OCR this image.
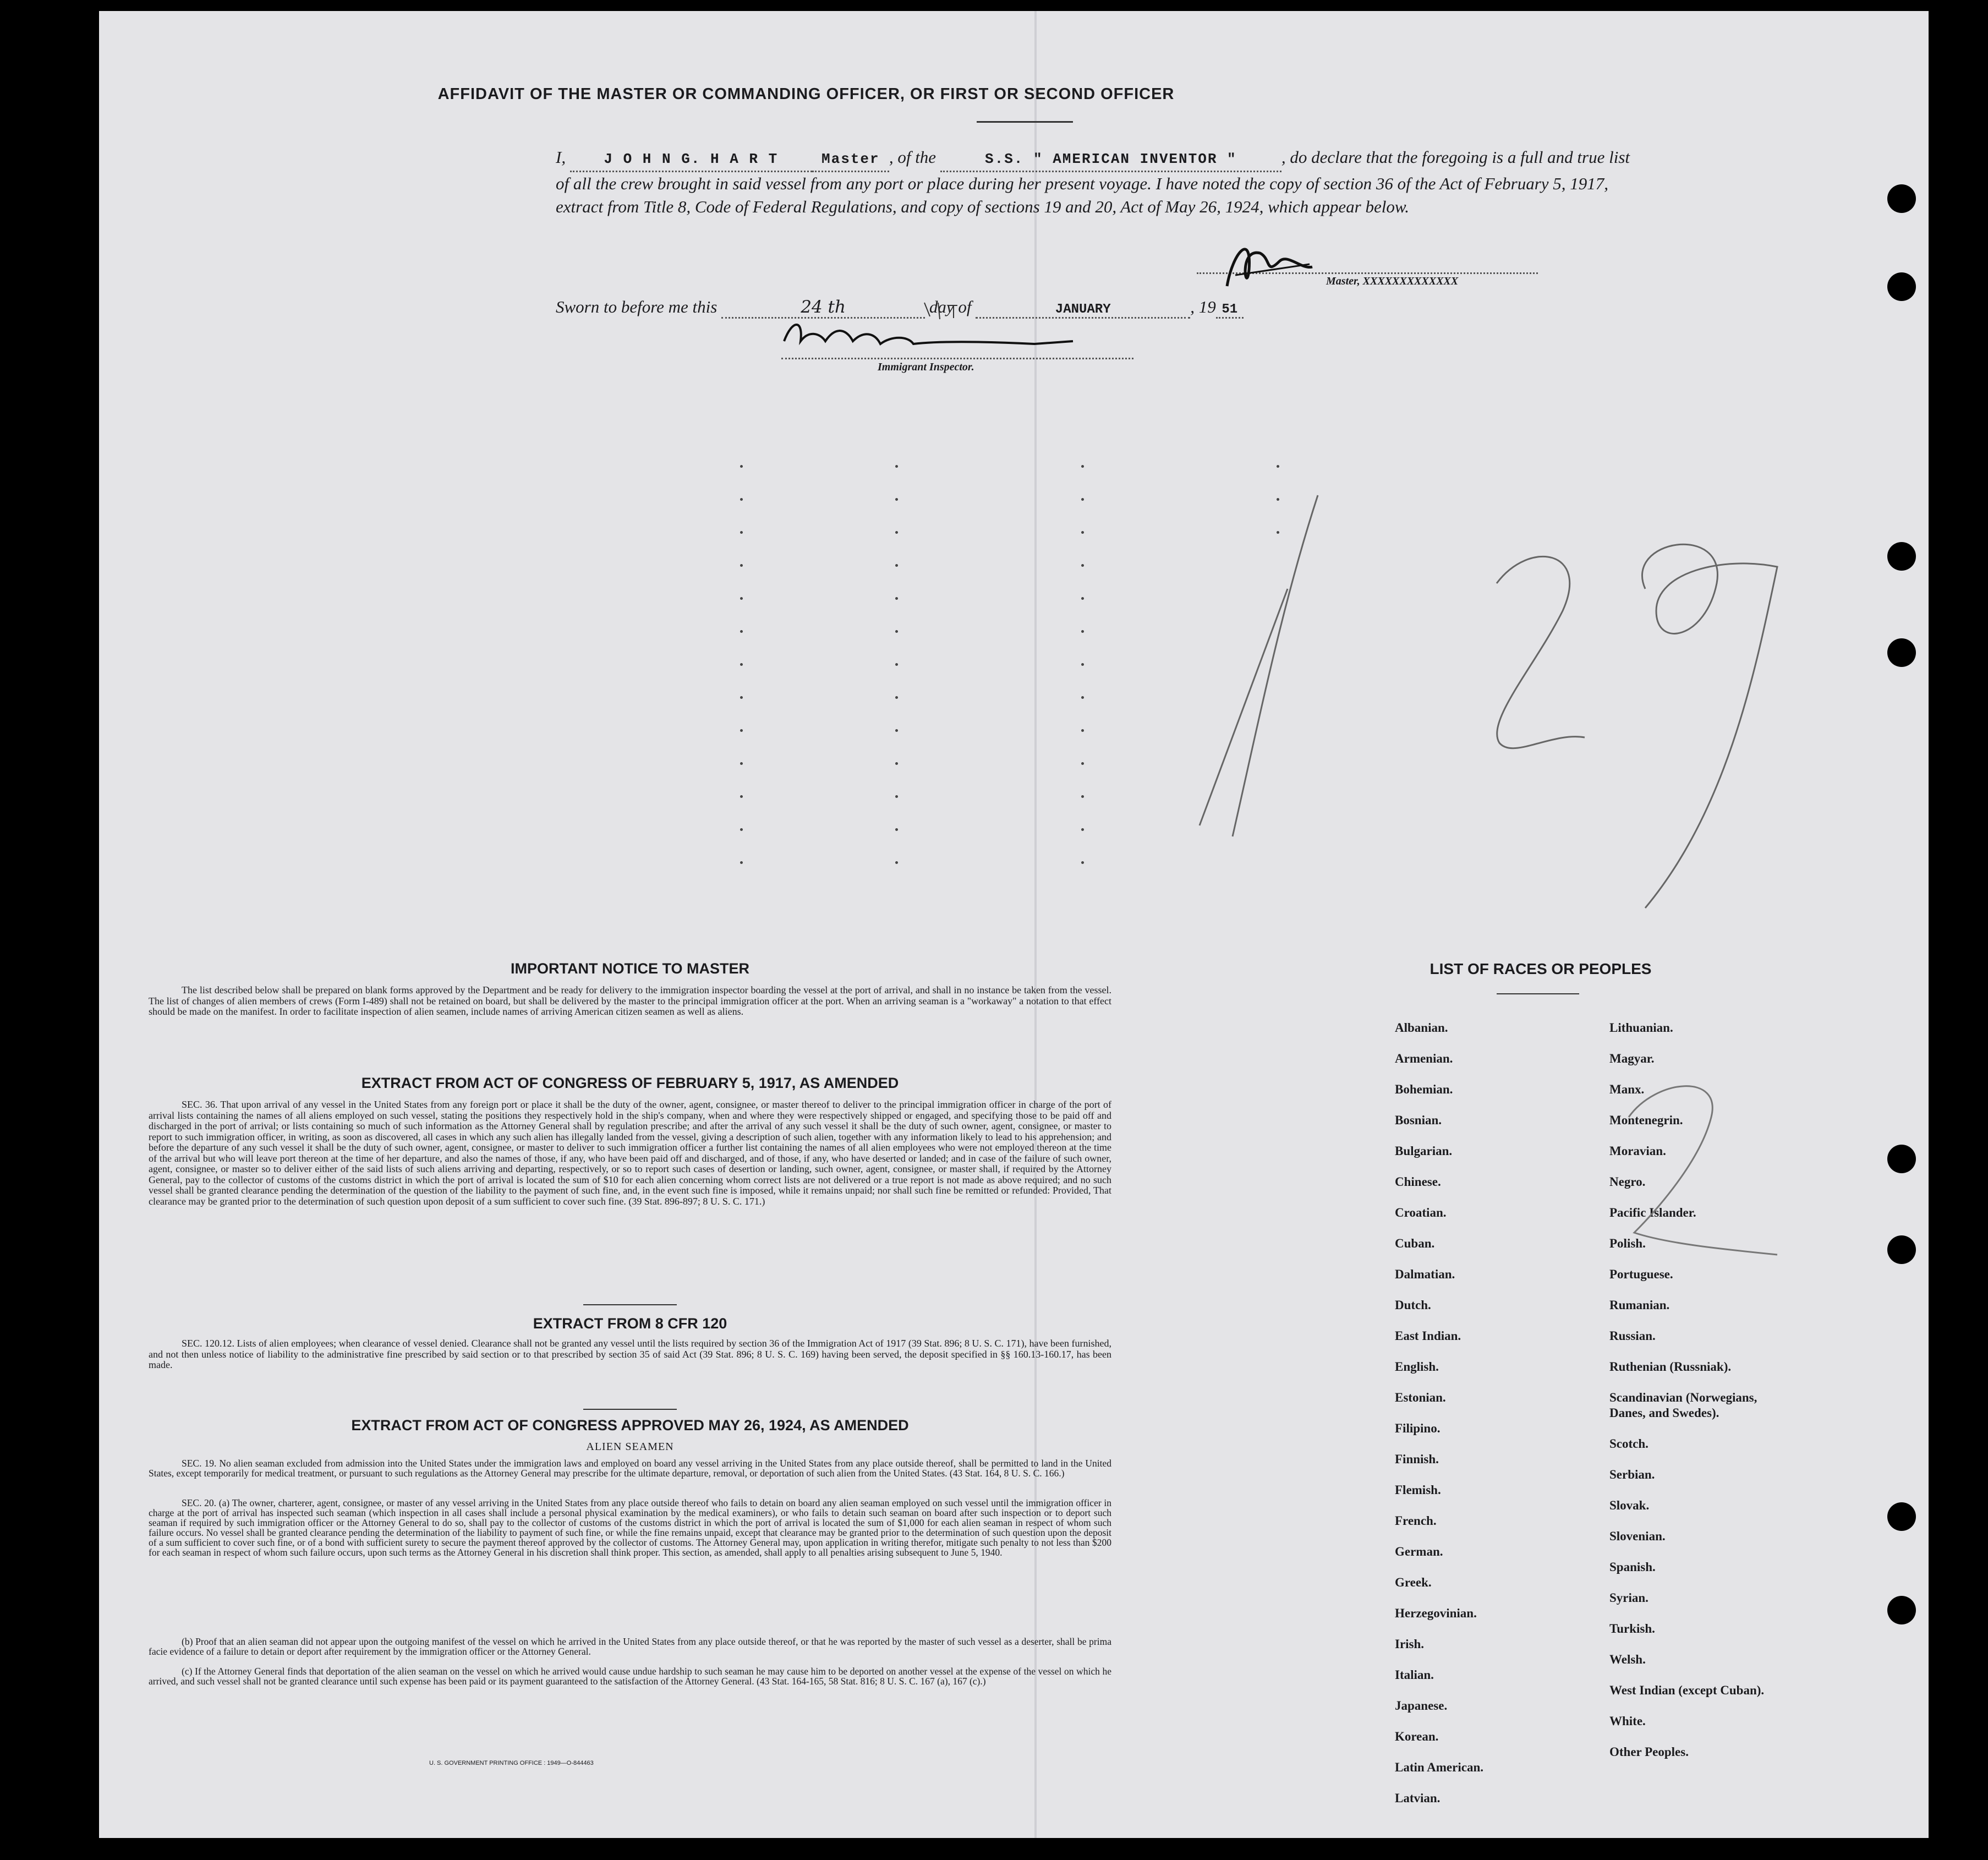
AFFIDAVIT OF THE MASTER OR COMMANDING OFFICER, OR FIRST OR SECOND OFFICER
I,	J O H N G. H A R T	Master , of the	S.S. " AMERICAN INVENTOR "	, do declare that the foregoing is a full and true list of all the crew brought in said vessel from any port or place during her present voyage. I have noted the copy of section 36 of the Act of February 5, 1917, extract from Title 8, Code of Federal Regulations, and copy of sections 19 and 20, Act of May 26, 1924, which appear below.
Master, XXXXXXXXXXXXX
Sworn to before me this	24 th	day of	JANUARY	, 19 51
Immigrant Inspector.
IMPORTANT NOTICE TO MASTER
The list described below shall be prepared on blank forms approved by the Department and be ready for delivery to the immigration inspector boarding the vessel at the port of arrival, and shall in no instance be taken from the vessel. The list of changes of alien members of crews (Form I-489) shall not be retained on board, but shall be delivered by the master to the principal immigration officer at the port. When an arriving seaman is a "workaway" a notation to that effect should be made on the manifest. In order to facilitate inspection of alien seamen, include names of arriving American citizen seamen as well as aliens.
EXTRACT FROM ACT OF CONGRESS OF FEBRUARY 5, 1917, AS AMENDED
SEC. 36. That upon arrival of any vessel in the United States from any foreign port or place it shall be the duty of the owner, agent, consignee, or master thereof to deliver to the principal immigration officer in charge of the port of arrival lists containing the names of all aliens employed on such vessel, stating the positions they respectively hold in the ship's company, when and where they were respectively shipped or engaged, and specifying those to be paid off and discharged in the port of arrival; or lists containing so much of such information as the Attorney General shall by regulation prescribe; and after the arrival of any such vessel it shall be the duty of such owner, agent, consignee, or master to report to such immigration officer, in writing, as soon as discovered, all cases in which any such alien has illegally landed from the vessel, giving a description of such alien, together with any information likely to lead to his apprehension; and before the departure of any such vessel it shall be the duty of such owner, agent, consignee, or master to deliver to such immigration officer a further list containing the names of all alien employees who were not employed thereon at the time of the arrival but who will leave port thereon at the time of her departure, and also the names of those, if any, who have been paid off and discharged, and of those, if any, who have deserted or landed; and in case of the failure of such owner, agent, consignee, or master so to deliver either of the said lists of such aliens arriving and departing, respectively, or so to report such cases of desertion or landing, such owner, agent, consignee, or master shall, if required by the Attorney General, pay to the collector of customs of the customs district in which the port of arrival is located the sum of $10 for each alien concerning whom correct lists are not delivered or a true report is not made as above required; and no such vessel shall be granted clearance pending the determination of the question of the liability to the payment of such fine, and, in the event such fine is imposed, while it remains unpaid; nor shall such fine be remitted or refunded: Provided, That clearance may be granted prior to the determination of such question upon deposit of a sum sufficient to cover such fine. (39 Stat. 896-897; 8 U. S. C. 171.)
EXTRACT FROM 8 CFR 120
SEC. 120.12. Lists of alien employees; when clearance of vessel denied. Clearance shall not be granted any vessel until the lists required by section 36 of the Immigration Act of 1917 (39 Stat. 896; 8 U. S. C. 171), have been furnished, and not then unless notice of liability to the administrative fine prescribed by said section or to that prescribed by section 35 of said Act (39 Stat. 896; 8 U. S. C. 169) having been served, the deposit specified in §§ 160.13-160.17, has been made.
EXTRACT FROM ACT OF CONGRESS APPROVED MAY 26, 1924, AS AMENDED
ALIEN SEAMEN
SEC. 19. No alien seaman excluded from admission into the United States under the immigration laws and employed on board any vessel arriving in the United States from any place outside thereof, shall be permitted to land in the United States, except temporarily for medical treatment, or pursuant to such regulations as the Attorney General may prescribe for the ultimate departure, removal, or deportation of such alien from the United States. (43 Stat. 164, 8 U. S. C. 166.)
SEC. 20. (a) The owner, charterer, agent, consignee, or master of any vessel arriving in the United States from any place outside thereof who fails to detain on board any alien seaman employed on such vessel until the immigration officer in charge at the port of arrival has inspected such seaman (which inspection in all cases shall include a personal physical examination by the medical examiners), or who fails to detain such seaman on board after such inspection or to deport such seaman if required by such immigration officer or the Attorney General to do so, shall pay to the collector of customs of the customs district in which the port of arrival is located the sum of $1,000 for each alien seaman in respect of whom such failure occurs. No vessel shall be granted clearance pending the determination of the liability to payment of such fine, or while the fine remains unpaid, except that clearance may be granted prior to the determination of such question upon the deposit of a sum sufficient to cover such fine, or of a bond with sufficient surety to secure the payment thereof approved by the collector of customs. The Attorney General may, upon application in writing therefor, mitigate such penalty to not less than $200 for each seaman in respect of whom such failure occurs, upon such terms as the Attorney General in his discretion shall think proper. This section, as amended, shall apply to all penalties arising subsequent to June 5, 1940.
(b) Proof that an alien seaman did not appear upon the outgoing manifest of the vessel on which he arrived in the United States from any place outside thereof, or that he was reported by the master of such vessel as a deserter, shall be prima facie evidence of a failure to detain or deport after requirement by the immigration officer or the Attorney General.
(c) If the Attorney General finds that deportation of the alien seaman on the vessel on which he arrived would cause undue hardship to such seaman he may cause him to be deported on another vessel at the expense of the vessel on which he arrived, and such vessel shall not be granted clearance until such expense has been paid or its payment guaranteed to the satisfaction of the Attorney General. (43 Stat. 164-165, 58 Stat. 816; 8 U. S. C. 167 (a), 167 (c).)
U. S. GOVERNMENT PRINTING OFFICE : 1949—O-844463
LIST OF RACES OR PEOPLES
Albanian.
Armenian.
Bohemian.
Bosnian.
Bulgarian.
Chinese.
Croatian.
Cuban.
Dalmatian.
Dutch.
East Indian.
English.
Estonian.
Filipino.
Finnish.
Flemish.
French.
German.
Greek.
Herzegovinian.
Irish.
Italian.
Japanese.
Korean.
Latin American.
Latvian.
Lithuanian.
Magyar.
Manx.
Montenegrin.
Moravian.
Negro.
Pacific Islander.
Polish.
Portuguese.
Rumanian.
Russian.
Ruthenian (Russniak).
Scandinavian (Norwegians,
Danes, and Swedes).
Scotch.
Serbian.
Slovak.
Slovenian.
Spanish.
Syrian.
Turkish.
Welsh.
West Indian (except Cuban).
White.
Other Peoples.
